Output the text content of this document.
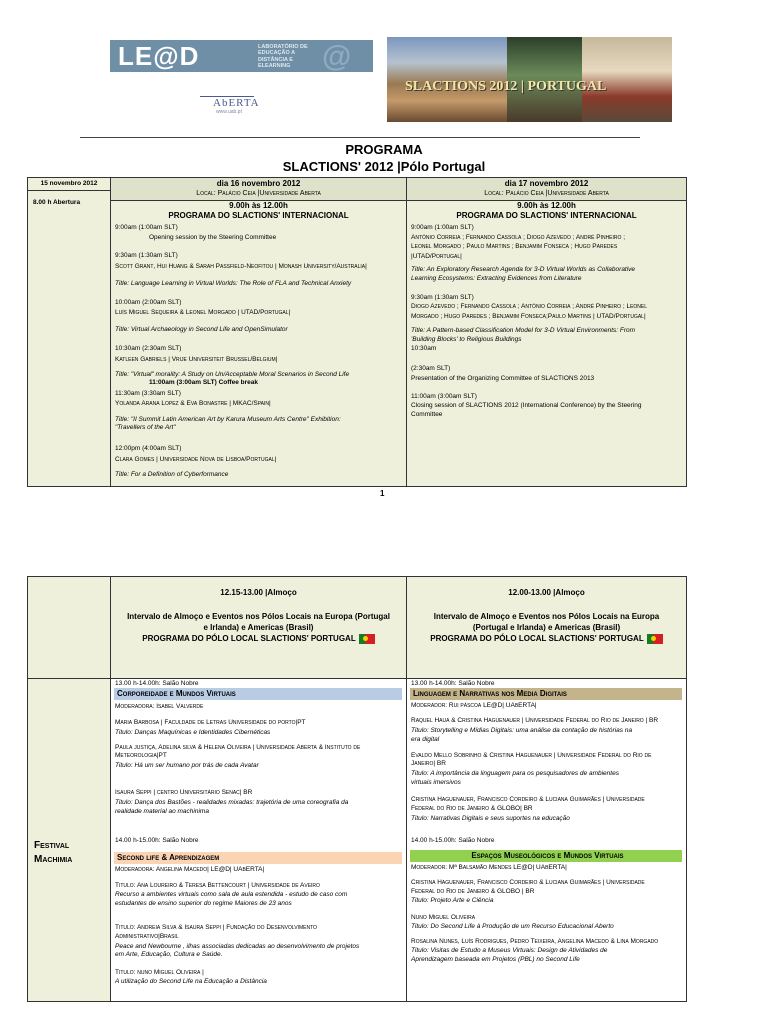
LE@D	LABORATÓRIO DE EDUCAÇÃO A DISTÂNCIA E ELEARNING	@
AbERTA
www.uab.pt
SLACTIONS 2012 | PORTUGAL
PROGRAMA
SLACTIONS' 2012 |Pólo Portugal
15 novembro 2012
8.00 h Abertura
dia 16 novembro 2012
Local: Palácio Ceia |Universidade Aberta
9.00h às 12.00h
PROGRAMA DO SLACTIONS' INTERNACIONAL
9:00am (1:00am SLT)
Opening session by the Steering Committee
9:30am (1:30am SLT)
Scott Grant, Hui Huang & Sarah Passfield-Neofitou | Monash University/Australia|
Title: Language Learning in Virtual Worlds: The Role of FLA and Technical Anxiety
10:00am (2:00am SLT)
Luís Miguel Sequeira & Leonel Morgado | UTAD/Portugal|
Title: Virtual Archaeology in Second Life and OpenSimulator
10:30am (2:30am SLT)
Katleen Gabriels | Vrije Universiteit Brussel/Belgium|
Title: "Virtual" morality: A Study on Un/Acceptable Moral Scenarios in Second Life
11:00am (3:00am SLT) Coffee break
11:30am (3:30am SLT)
Yolanda Arana Lopez & Eva Bonastre | MKAC/Spain|
Title: "II Summit Latin American Art by Karura Museum Arts Centre" Exhibition:
"Travellers of the Art"
12:00pm (4:00am SLT)
Clara Gomes | Universidade Nova de Lisboa/Portugal|
Title: For a Definition of Cyberformance
dia 17 novembro 2012
Local: Palácio Ceia |Universidade Aberta
9.00h às 12.00h
PROGRAMA DO SLACTIONS' INTERNACIONAL
9:00am (1:00am SLT)
António Correia ; Fernando Cassola ; Diogo Azevedo ; André Pinheiro ;
Leonel Morgado ; Paulo Martins ; Benjamim Fonseca ; Hugo Paredes
|UTAD/Portugal|
Title: An Exploratory Research Agenda for 3-D Virtual Worlds as Collaborative
Learning Ecosystems: Extracting Evidences from Literature
9:30am (1:30am SLT)
Diogo Azevedo ; Fernando Cassola ; António Correia ; André Pinheiro ; Leonel
Morgado ; Hugo Paredes ; Benjamim Fonseca;Paulo Martins | UTAD/Portugal|
Title: A Pattern-based Classification Model for 3-D Virtual Environments: From
'Building Blocks' to Religious Buildings
10:30am
(2:30am SLT)
Presentation of the Organizing Committee of SLACTIONS 2013
11:00am (3:00am SLT)
Closing session of SLACTIONS 2012 (International Conference) by the Steering
Committee
1
Festival
Machimia
12.15-13.00 |Almoço
Intervalo de Almoço e Eventos nos Pólos Locais na Europa (Portugal
e Irlanda) e Americas (Brasil)
PROGRAMA DO PÓLO LOCAL SLACTIONS' PORTUGAL
12.00-13.00 |Almoço
Intervalo de Almoço e Eventos nos Pólos Locais na Europa
(Portugal e Irlanda) e Americas (Brasil)
PROGRAMA DO PÓLO LOCAL SLACTIONS' PORTUGAL
13.00 h-14.00h: Salão Nobre
Corporeidade e Mundos Virtuais
Moderadora: Isabel Valverde
Maria Barbosa | Faculdade de Letras Universidade do porto|PT
Titulo: Danças Maquínicas e Identidades Cibernéticas
Paula justiça, Adelina silva & Helena Oliveira | Universidade Aberta & Instituto de
Meteorologia|PT
Titulo: Há um ser humano por trás de cada Avatar
Isaura Seppi | centro Universitário Senac| BR
Titulo: Dança dos Bastões - realidades mixadas: trajetória de uma coreografia da
realidade material ao machinima
14.00 h-15.00h: Salão Nobre
Second life & Aprendizagem
Moderadora: Angelina Macedo| LE@D| UAbERTA|
Titulo: Ana Loureiro & Teresa Bettencourt | Universidade de Aveiro
Recurso a ambientes virtuais como sala de aula estendida - estudo de caso com
estudantes de ensino superior do regime Maiores de 23 anos
Titulo: Andreia Silva & Isaura Seppi | Fundação do Desenvolvimento
Administrativo|Brasil
Peace and Newbourne , ilhas associadas dedicadas ao desenvolvimento de projetos
em Arte, Educação, Cultura e Saúde.
Titulo: nuno Miguel Oliveira |
A utilização do Second Life na Educação a Distância
13.00 h-14.00h: Salão Nobre
Linguagem e Narrativas nos Media Digitais
Moderador: Rui páscoa LE@D| UAbERTA|
Raquel Haua & Cristina Haguenauer | Universidade Federal do Rio de Janeiro | BR
Titulo: Storytelling e Mídias Digitais: uma análise da contação de histórias na
era digital
Evaldo Mello Sobrinho & Cristina Haguenauer | Universidade Federal do Rio de
Janeiro| BR
Titulo: A importância da linguagem para os pesquisadores de ambientes
virtuais imersivos
Cristina Haguenauer, Francisco Cordeiro & Luciana Guimarães | Universidade
Federal do Rio de Janeiro & GLOBO| BR
Titulo: Narrativas Digitais e seus suportes na educação
14.00 h-15.00h: Salão Nobre
Espaços Museológicos e Mundos Virtuais
Moderador: Mª Balsamão Mendes LE@D| UAbERTA|
Cristina Haguenauer, Francisco Cordeiro & Luciana Guimarães | Universidade
Federal do Rio de Janeiro & GLOBO | BR
Titulo: Projeto Arte e Ciência
Nuno Miguel Oliveira
Titulo: Do Second Life à Produção de um Recurso Educacional Aberto
Rosalina Nunes, Luís Rodrigues, Pedro Teixeira, Angelina Macedo & Lina Morgado
Titulo: Visitas de Estudo a Museus Virtuais: Design de Atividades de
Aprendizagem baseada em Projetos (PBL) no Second Life
